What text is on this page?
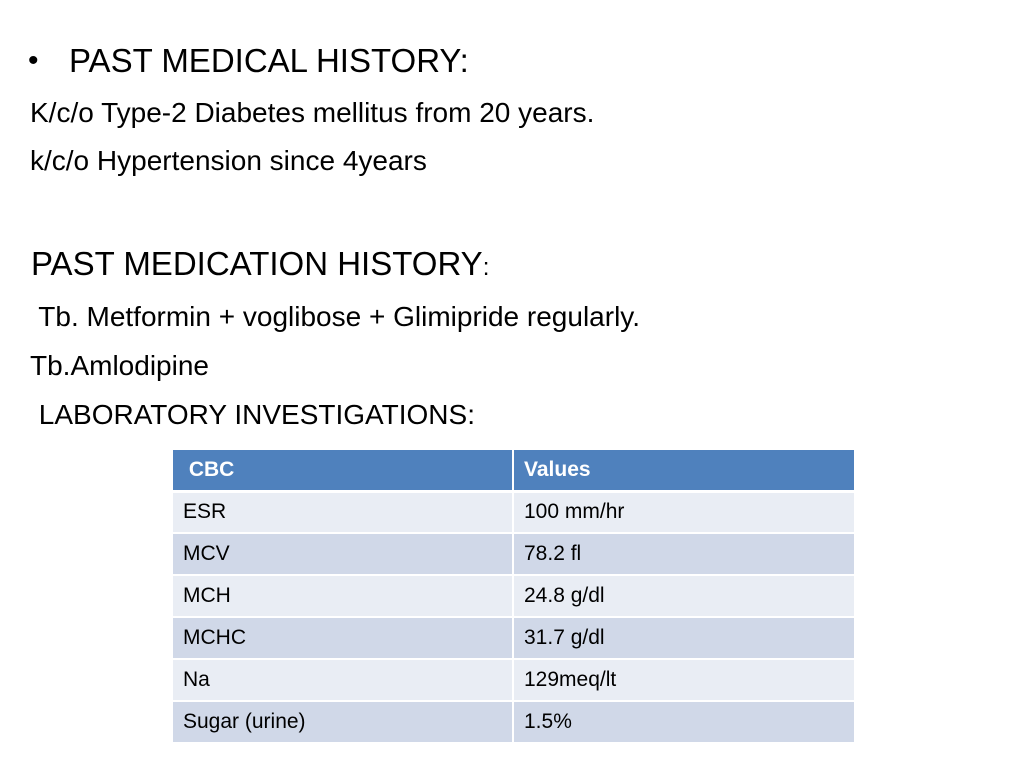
• PAST MEDICAL HISTORY:
K/c/o Type-2 Diabetes mellitus from 20 years.
k/c/o Hypertension since 4years
PAST MEDICATION HISTORY:
Tb. Metformin + voglibose + Glimipride regularly.
Tb.Amlodipine
LABORATORY INVESTIGATIONS:
CBC	Values
ESR	100 mm/hr
MCV	78.2 fl
MCH	24.8 g/dl
MCHC	31.7 g/dl
Na	129meq/lt
Sugar (urine)	1.5%
